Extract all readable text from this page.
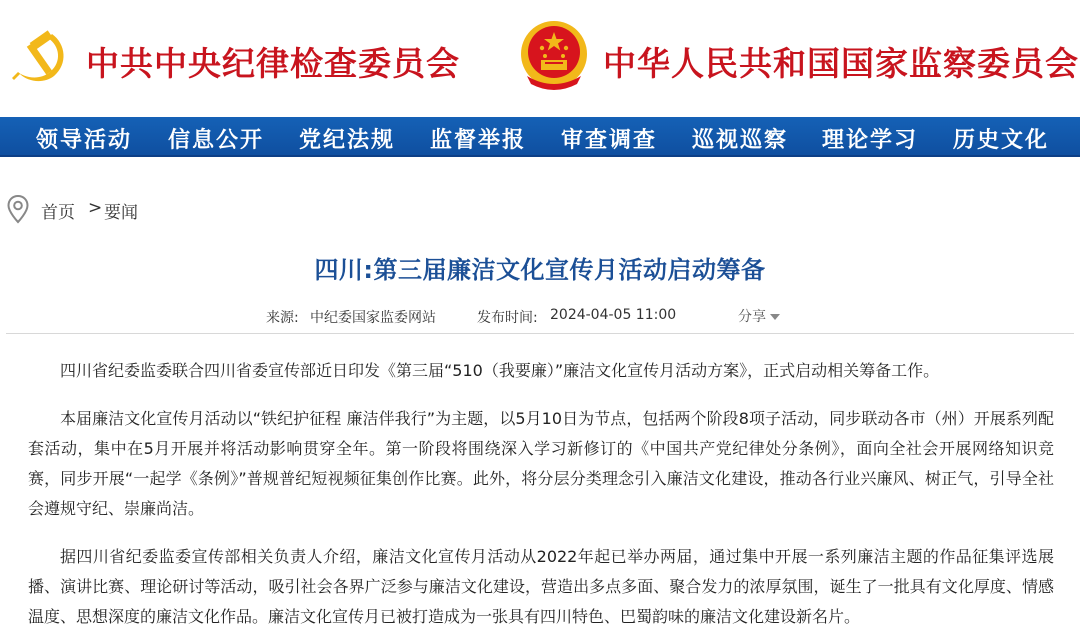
中共中央纪律检查委员会	中华人民共和国国家监察委员会
领导活动 信息公开 党纪法规 监督举报 审查调查 巡视巡察 理论学习 历史文化
首页 > 要闻
四川:第三届廉洁文化宣传月活动启动筹备
来源: 中纪委国家监委网站	发布时间: 2024-04-05 11:00	分享

四川省纪委监委联合四川省委宣传部近日印发《第三届“510（我要廉）”廉洁文化宣传月活动方案》，正式启动相关筹备工作。

本届廉洁文化宣传月活动以“铁纪护征程 廉洁伴我行”为主题，以5月10日为节点，包括两个阶段8项子活动，同步联动各市（州）开展系列配套活动，集中在5月开展并将活动影响贯穿全年。第一阶段将围绕深入学习新修订的《中国共产党纪律处分条例》，面向全社会开展网络知识竞赛，同步开展“一起学《条例》”普规普纪短视频征集创作比赛。此外，将分层分类理念引入廉洁文化建设，推动各行业兴廉风、树正气，引导全社会遵规守纪、崇廉尚洁。

据四川省纪委监委宣传部相关负责人介绍，廉洁文化宣传月活动从2022年起已举办两届，通过集中开展一系列廉洁主题的作品征集评选展播、演讲比赛、理论研讨等活动，吸引社会各界广泛参与廉洁文化建设，营造出多点多面、聚合发力的浓厚氛围，诞生了一批具有文化厚度、情感温度、思想深度的廉洁文化作品。廉洁文化宣传月已被打造成为一张具有四川特色、巴蜀韵味的廉洁文化建设新名片。
